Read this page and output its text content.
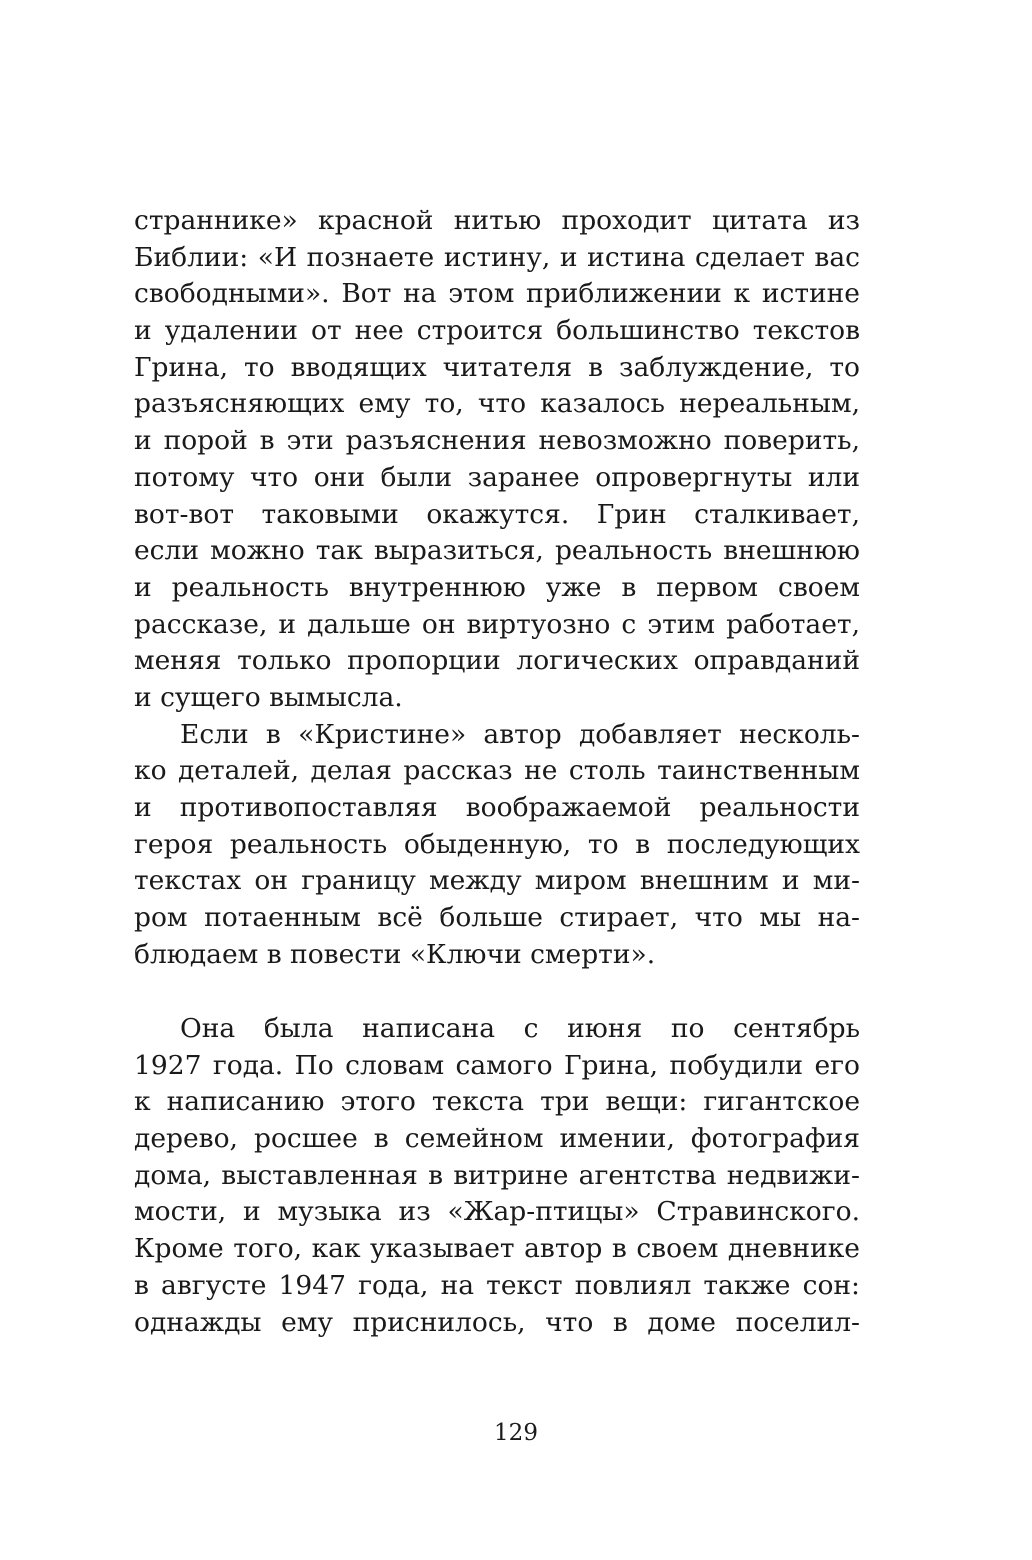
страннике» красной нитью проходит цитата из
Библии: «И познаете истину, и истина сделает вас
свободными». Вот на этом приближении к истине
и удалении от нее строится большинство текстов
Грина, то вводящих читателя в заблуждение, то
разъясняющих ему то, что казалось нереальным,
и порой в эти разъяснения невозможно поверить,
потому что они были заранее опровергнуты или
вот-вот таковыми окажутся. Грин сталкивает,
если можно так выразиться, реальность внешнюю
и реальность внутреннюю уже в первом своем
рассказе, и дальше он виртуозно с этим работает,
меняя только пропорции логических оправданий
и сущего вымысла.
Если в «Кристине» автор добавляет несколь-
ко деталей, делая рассказ не столь таинственным
и противопоставляя воображаемой реальности
героя реальность обыденную, то в последующих
текстах он границу между миром внешним и ми-
ром потаенным всё больше стирает, что мы на-
блюдаем в повести «Ключи смерти».
Она была написана с июня по сентябрь
1927 года. По словам самого Грина, побудили его
к написанию этого текста три вещи: гигантское
дерево, росшее в семейном имении, фотография
дома, выставленная в витрине агентства недвижи-
мости, и музыка из «Жар-птицы» Стравинского.
Кроме того, как указывает автор в своем дневнике
в августе 1947 года, на текст повлиял также сон:
однажды ему приснилось, что в доме поселил-
129
